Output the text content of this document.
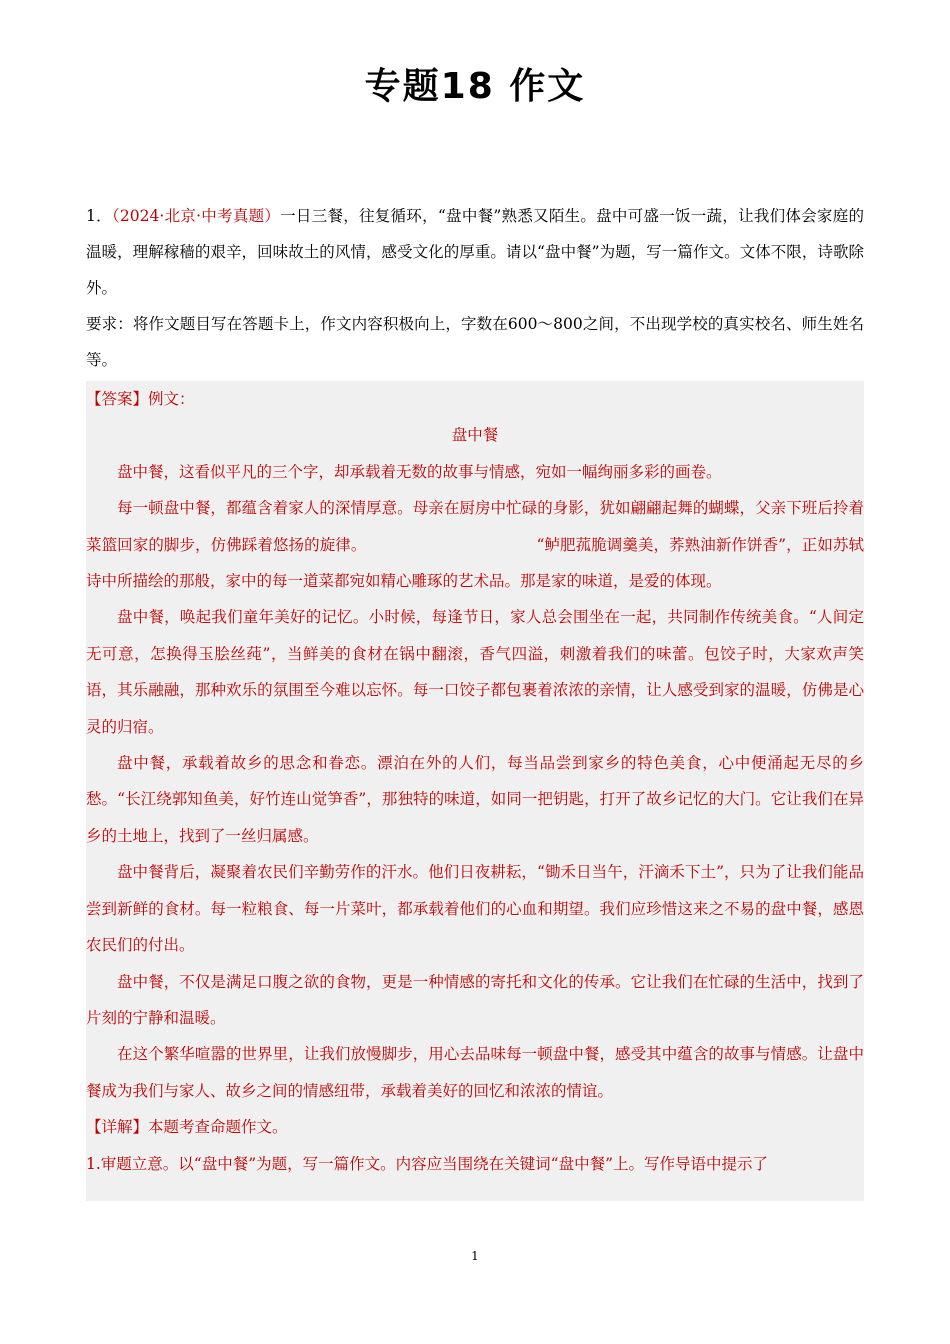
专题18 作文
1．（2024·北京·中考真题）一日三餐，往复循环，“盘中餐”熟悉又陌生。盘中可盛一饭一蔬，让我们体会家庭的温暖，理解稼穑的艰辛，回味故土的风情，感受文化的厚重。请以“盘中餐”为题，写一篇作文。文体不限，诗歌除外。
要求：将作文题目写在答题卡上，作文内容积极向上，字数在600～800之间，不出现学校的真实校名、师生姓名等。

【答案】例文：

盘中餐

盘中餐，这看似平凡的三个字，却承载着无数的故事与情感，宛如一幅绚丽多彩的画卷。

每一顿盘中餐，都蕴含着家人的深情厚意。母亲在厨房中忙碌的身影，犹如翩翩起舞的蝴蝶，父亲下班后拎着菜篮回家的脚步，仿佛踩着悠扬的旋律。	“鲈肥菰脆调羹美，荞熟油新作饼香”，正如苏轼诗中所描绘的那般，家中的每一道菜都宛如精心雕琢的艺术品。那是家的味道，是爱的体现。

盘中餐，唤起我们童年美好的记忆。小时候，每逢节日，家人总会围坐在一起，共同制作传统美食。“人间定无可意，怎换得玉脍丝莼”，当鲜美的食材在锅中翻滚，香气四溢，刺激着我们的味蕾。包饺子时，大家欢声笑语，其乐融融，那种欢乐的氛围至今难以忘怀。每一口饺子都包裹着浓浓的亲情，让人感受到家的温暖，仿佛是心灵的归宿。

盘中餐，承载着故乡的思念和眷恋。漂泊在外的人们，每当品尝到家乡的特色美食，心中便涌起无尽的乡愁。“长江绕郭知鱼美，好竹连山觉笋香”，那独特的味道，如同一把钥匙，打开了故乡记忆的大门。它让我们在异乡的土地上，找到了一丝归属感。

盘中餐背后，凝聚着农民们辛勤劳作的汗水。他们日夜耕耘，“锄禾日当午，汗滴禾下土”，只为了让我们能品尝到新鲜的食材。每一粒粮食、每一片菜叶，都承载着他们的心血和期望。我们应珍惜这来之不易的盘中餐，感恩农民们的付出。

盘中餐，不仅是满足口腹之欲的食物，更是一种情感的寄托和文化的传承。它让我们在忙碌的生活中，找到了片刻的宁静和温暖。

在这个繁华喧嚣的世界里，让我们放慢脚步，用心去品味每一顿盘中餐，感受其中蕴含的故事与情感。让盘中餐成为我们与家人、故乡之间的情感纽带，承载着美好的回忆和浓浓的情谊。

【详解】本题考查命题作文。

1.审题立意。以“盘中餐”为题，写一篇作文。内容应当围绕在关键词“盘中餐”上。写作导语中提示了

1
